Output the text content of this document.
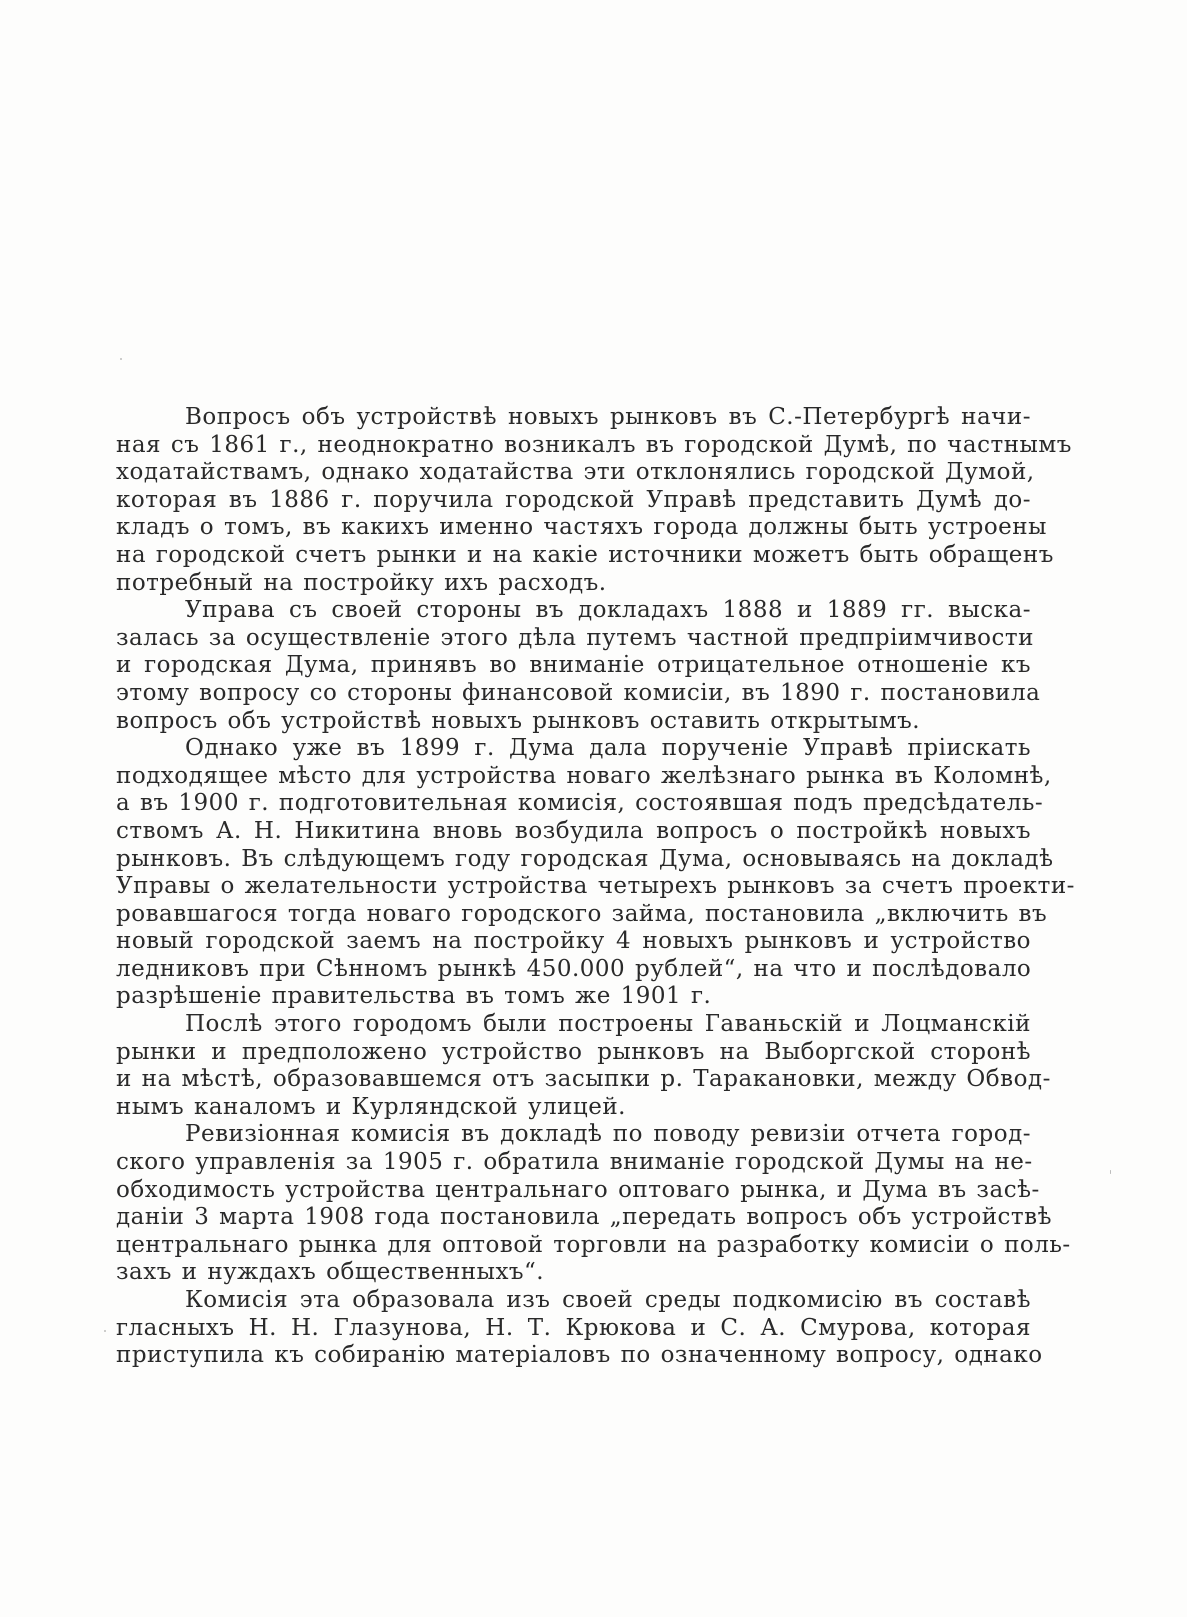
Вопросъ объ устройствѣ новыхъ рынковъ въ С.-Петербургѣ начи-
ная съ 1861 г., неоднократно возникалъ въ городской Думѣ, по частнымъ
ходатайствамъ, однако ходатайства эти отклонялись городской Думой,
которая въ 1886 г. поручила городской Управѣ представить Думѣ до-
кладъ о томъ, въ какихъ именно частяхъ города должны быть устроены
на городской счетъ рынки и на какіе источники можетъ быть обращенъ
потребный на постройку ихъ расходъ.
Управа съ своей стороны въ докладахъ 1888 и 1889 гг. выска-
залась за осуществленіе этого дѣла путемъ частной предпріимчивости
и городская Дума, принявъ во вниманіе отрицательное отношеніе къ
этому вопросу со стороны финансовой комисіи, въ 1890 г. постановила
вопросъ объ устройствѣ новыхъ рынковъ оставить открытымъ.
Однако уже въ 1899 г. Дума дала порученіе Управѣ пріискать
подходящее мѣсто для устройства новаго желѣзнаго рынка въ Коломнѣ,
а въ 1900 г. подготовительная комисія, состоявшая подъ предсѣдатель-
ствомъ А. Н. Никитина вновь возбудила вопросъ о постройкѣ новыхъ
рынковъ. Въ слѣдующемъ году городская Дума, основываясь на докладѣ
Управы о желательности устройства четырехъ рынковъ за счетъ проекти-
ровавшагося тогда новаго городского займа, постановила „включить въ
новый городской заемъ на постройку 4 новыхъ рынковъ и устройство
ледниковъ при Сѣнномъ рынкѣ 450.000 рублей“, на что и послѣдовало
разрѣшеніе правительства въ томъ же 1901 г.
Послѣ этого городомъ были построены Гаваньскій и Лоцманскій
рынки и предположено устройство рынковъ на Выборгской сторонѣ
и на мѣстѣ, образовавшемся отъ засыпки р. Таракановки, между Обвод-
нымъ каналомъ и Курляндской улицей.
Ревизіонная комисія въ докладѣ по поводу ревизіи отчета город-
ского управленія за 1905 г. обратила вниманіе городской Думы на не-
обходимость устройства центральнаго оптоваго рынка, и Дума въ засѣ-
даніи 3 марта 1908 года постановила „передать вопросъ объ устройствѣ
центральнаго рынка для оптовой торговли на разработку комисіи о поль-
захъ и нуждахъ общественныхъ“.
Комисія эта образовала изъ своей среды подкомисію въ составѣ
гласныхъ Н. Н. Глазунова, Н. Т. Крюкова и С. А. Смурова, которая
приступила къ собиранію матеріаловъ по означенному вопросу, однако
